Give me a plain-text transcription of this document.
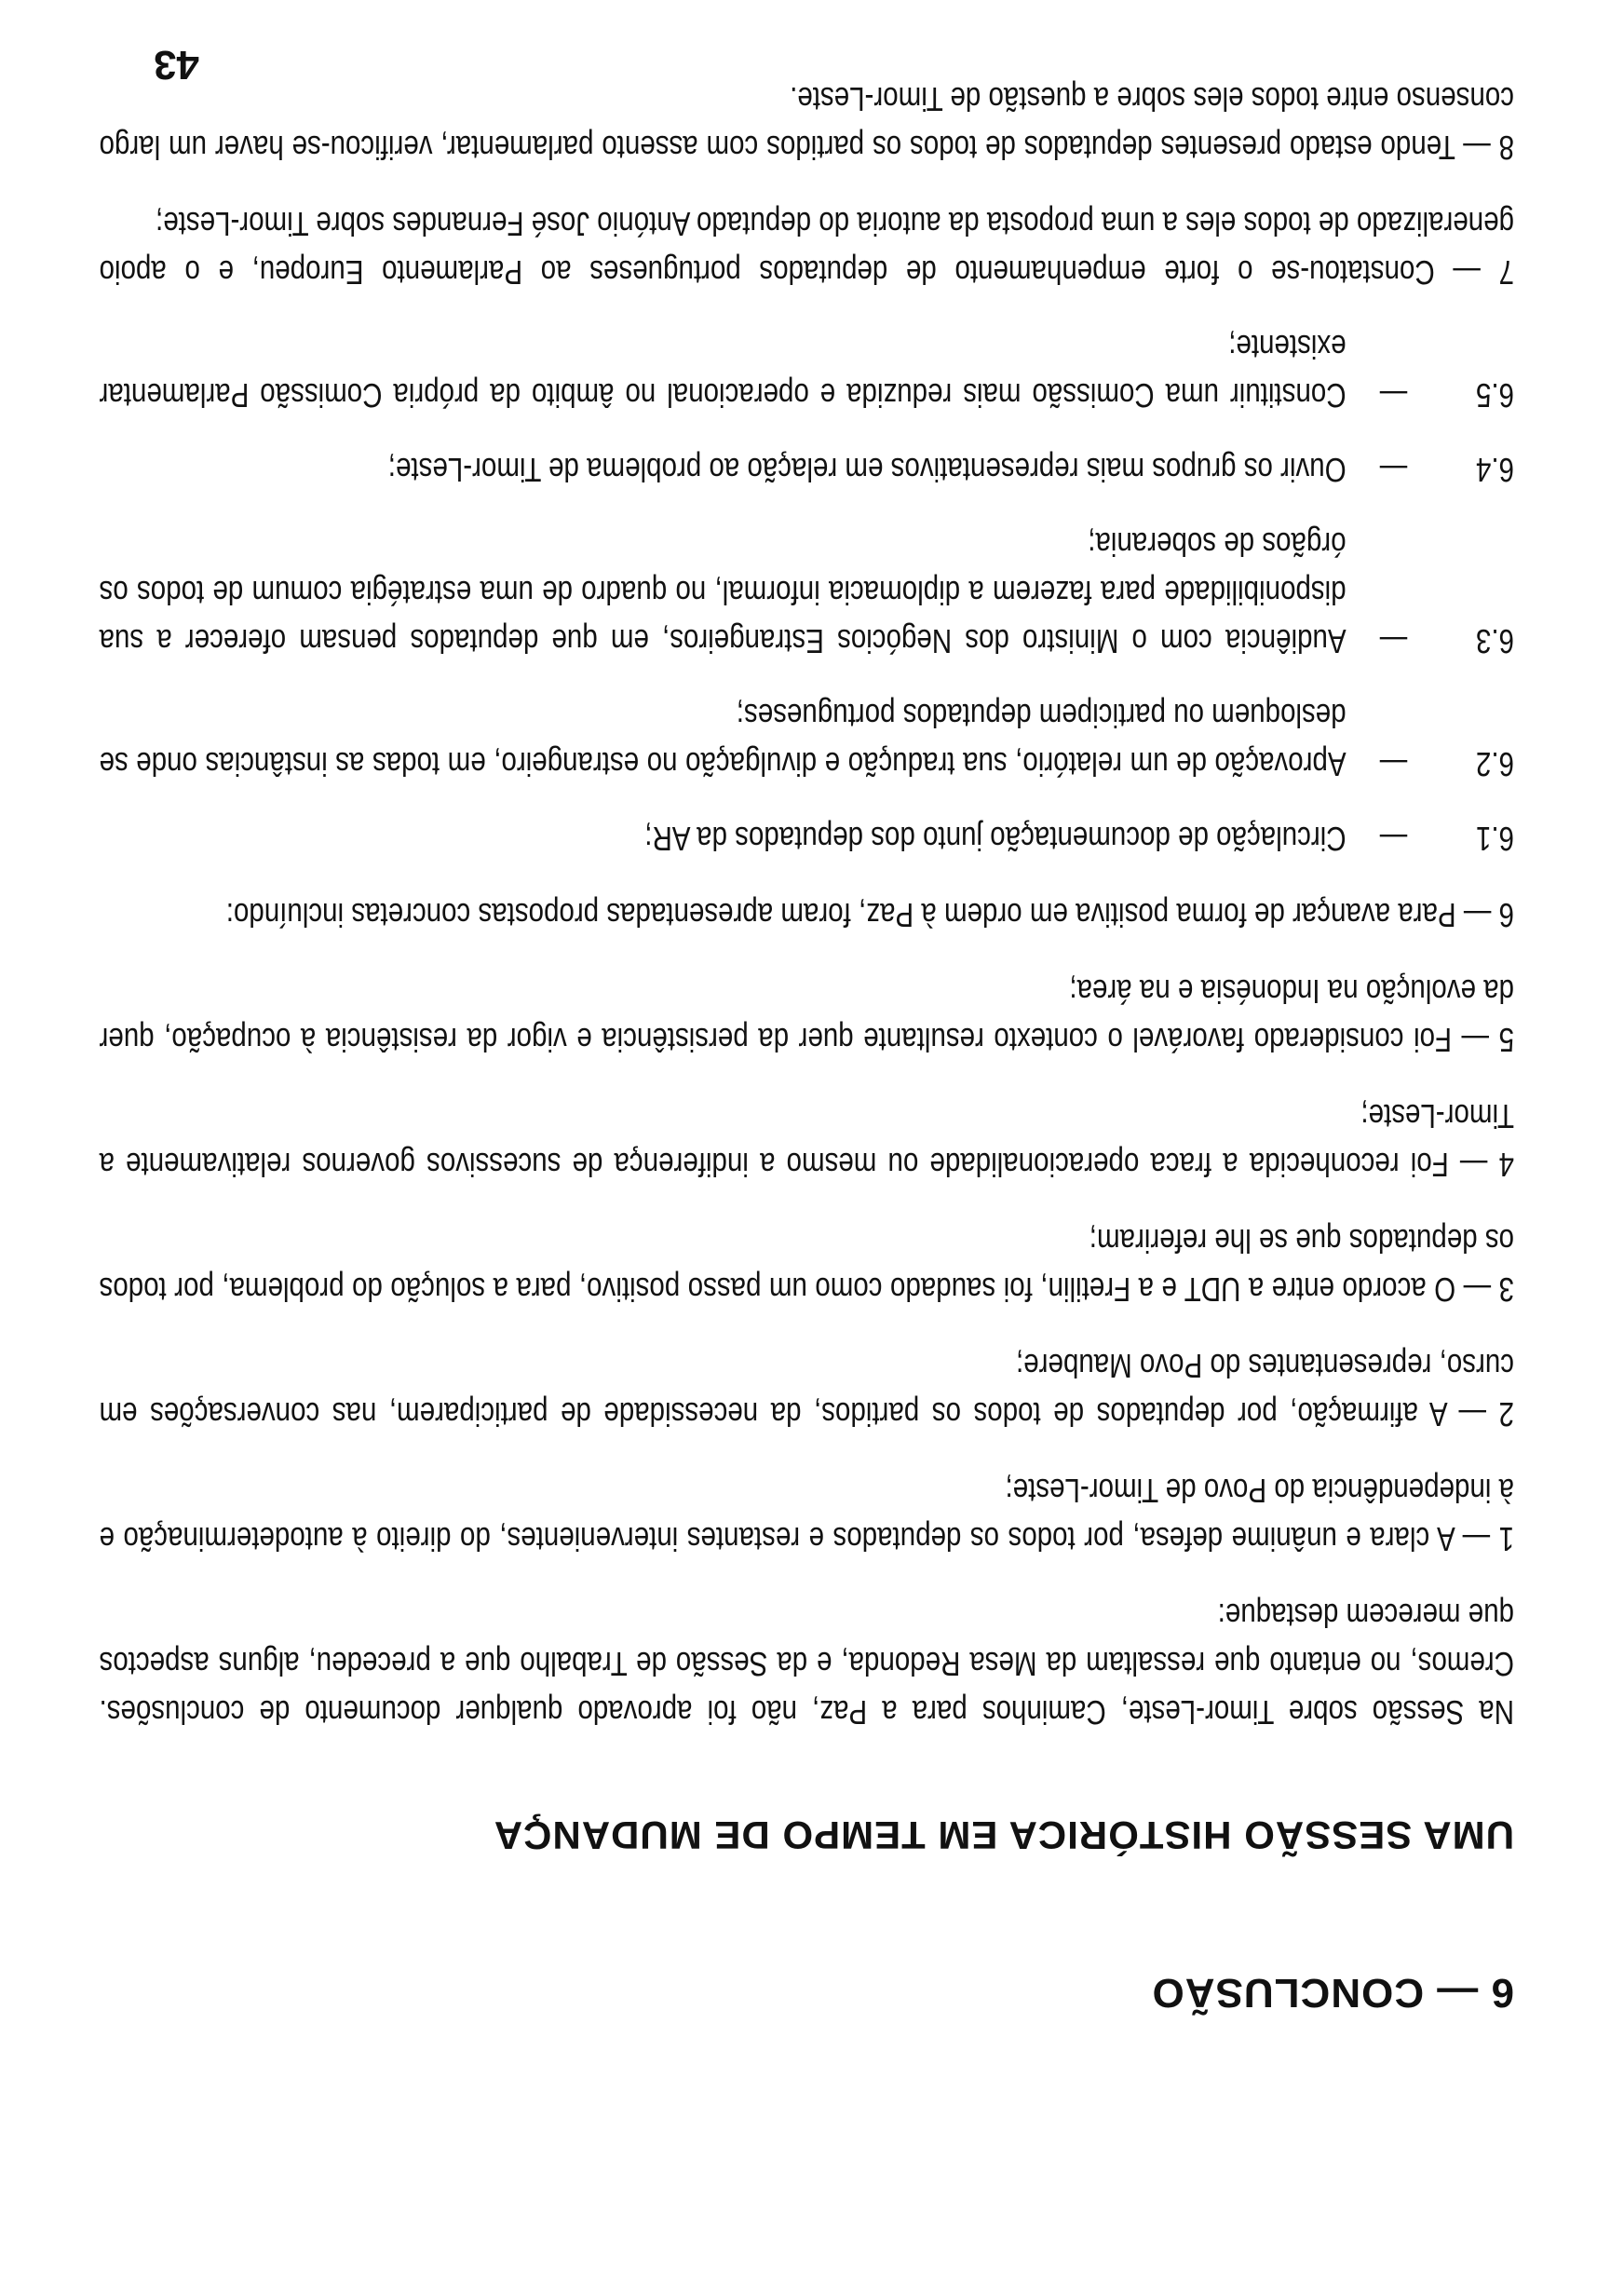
6 — CONCLUSÃO
UMA SESSÃO HISTÓRICA EM TEMPO DE MUDANÇA

Na Sessão sobre Timor-Leste, Caminhos para a Paz, não foi aprovado qualquer documento de conclusões. Cremos, no entanto que ressaltam da Mesa Redonda, e da Sessão de Trabalho que a precedeu, alguns aspectos que merecem destaque:

1 — A clara e unânime defesa, por todos os deputados e restantes intervenientes, do direito à autodeterminação e à independência do Povo de Timor-Leste;

2 — A afirmação, por deputados de todos os partidos, da necessidade de participarem, nas conversações em curso, representantes do Povo Maubere;

3 — O acordo entre a UDT e a Fretilin, foi saudado como um passo positivo, para a solução do problema, por todos os deputados que se lhe referiram;

4 — Foi reconhecida a fraca operacionalidade ou mesmo a indiferença de sucessivos governos relativamente a Timor-Leste;

5 — Foi considerado favorável o contexto resultante quer da persistência e vigor da resistência à ocupação, quer da evolução na Indonésia e na área;

6 — Para avançar de forma positiva em ordem à Paz, foram apresentadas propostas concretas incluíndo:

6.1
—
Circulação de documentação junto dos deputados da AR;
6.2
—
Aprovação de um relatório, sua tradução e divulgação no estrangeiro, em todas as instâncias onde se desloquem ou participem deputados portugueses;
6.3
—
Audiência com o Ministro dos Negócios Estrangeiros, em que deputados pensam oferecer a sua disponibilidade para fazerem a diplomacia informal, no quadro de uma estratégia comum de todos os órgãos de soberania;
6.4
—
Ouvir os grupos mais representativos em relação ao problema de Timor-Leste;
6.5
—
Constituir uma Comissão mais reduzida e operacional no âmbito da própria Comissão Parlamentar existente;

7 — Constatou-se o forte empenhamento de deputados portugueses ao Parlamento Europeu, e o apoio generalizado de todos eles a uma proposta da autoria do deputado António José Fernandes sobre Timor-Leste;

8 — Tendo estado presentes deputados de todos os partidos com assento parlamentar, verificou-se haver um largo consenso entre todos eles sobre a questão de Timor-Leste.

43
